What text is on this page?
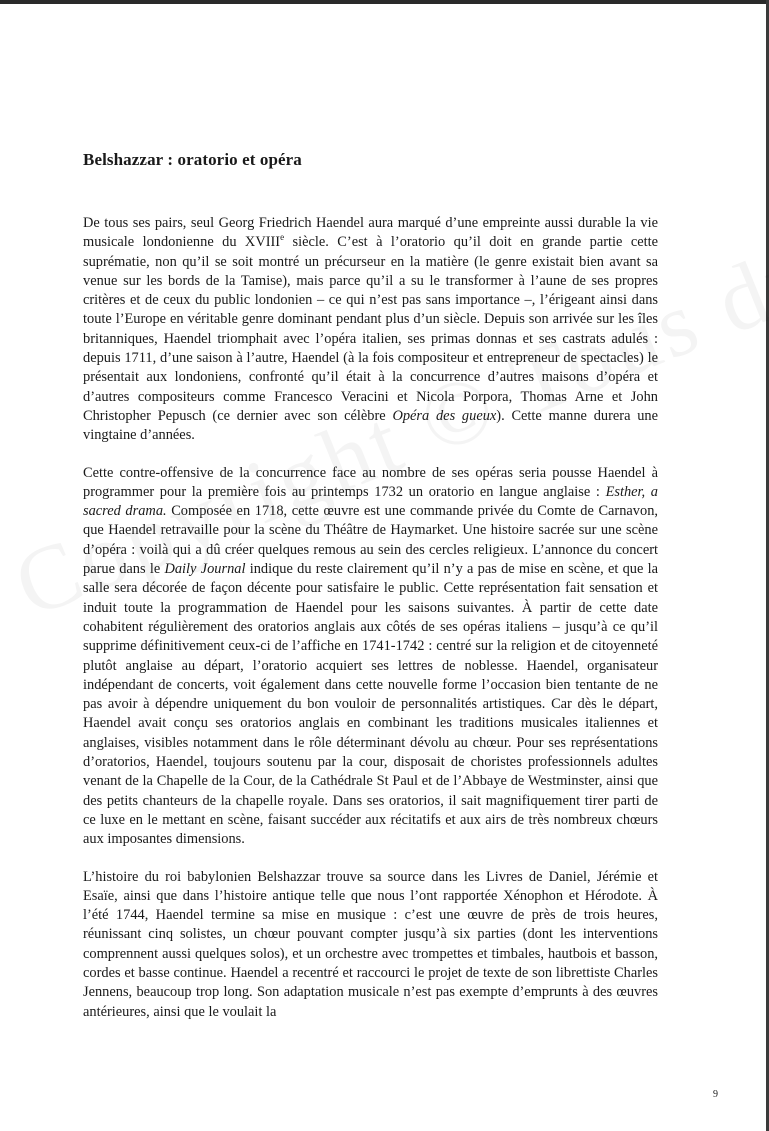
Belshazzar : oratorio et opéra

De tous ses pairs, seul Georg Friedrich Haendel aura marqué d’une empreinte aussi durable la vie musicale londonienne du XVIIIe siècle. C’est à l’oratorio qu’il doit en grande partie cette suprématie, non qu’il se soit montré un précurseur en la matière (le genre existait bien avant sa venue sur les bords de la Tamise), mais parce qu’il a su le transformer à l’aune de ses propres critères et de ceux du public londonien – ce qui n’est pas sans importance –, l’érigeant ainsi dans toute l’Europe en véritable genre dominant pendant plus d’un siècle. Depuis son arrivée sur les îles britanniques, Haendel triomphait avec l’opéra italien, ses primas donnas et ses castrats adulés : depuis 1711, d’une saison à l’autre, Haendel (à la fois compositeur et entrepreneur de spectacles) le présentait aux londoniens, confronté qu’il était à la concurrence d’autres maisons d’opéra et d’autres compositeurs comme Francesco Veracini et Nicola Porpora, Thomas Arne et John Christopher Pepusch (ce dernier avec son célèbre Opéra des gueux). Cette manne durera une vingtaine d’années.

Cette contre-offensive de la concurrence face au nombre de ses opéras seria pousse Haendel à programmer pour la première fois au printemps 1732 un oratorio en langue anglaise : Esther, a sacred drama. Composée en 1718, cette œuvre est une commande privée du Comte de Carnavon, que Haendel retravaille pour la scène du Théâtre de Haymarket. Une histoire sacrée sur une scène d’opéra : voilà qui a dû créer quelques remous au sein des cercles religieux. L’annonce du concert parue dans le Daily Journal indique du reste clairement qu’il n’y a pas de mise en scène, et que la salle sera décorée de façon décente pour satisfaire le public. Cette représentation fait sensation et induit toute la programmation de Haendel pour les saisons suivantes. À partir de cette date cohabitent régulièrement des oratorios anglais aux côtés de ses opéras italiens – jusqu’à ce qu’il supprime définitivement ceux-ci de l’affiche en 1741-1742 : centré sur la religion et de citoyenneté plutôt anglaise au départ, l’oratorio acquiert ses lettres de noblesse. Haendel, organisateur indépendant de concerts, voit également dans cette nouvelle forme l’occasion bien tentante de ne pas avoir à dépendre uniquement du bon vouloir de personnalités artistiques. Car dès le départ, Haendel avait conçu ses oratorios anglais en combinant les traditions musicales italiennes et anglaises, visibles notamment dans le rôle déterminant dévolu au chœur. Pour ses représentations d’oratorios, Haendel, toujours soutenu par la cour, disposait de choristes professionnels adultes venant de la Chapelle de la Cour, de la Cathédrale St Paul et de l’Abbaye de Westminster, ainsi que des petits chanteurs de la chapelle royale. Dans ses oratorios, il sait magnifiquement tirer parti de ce luxe en le mettant en scène, faisant succéder aux récitatifs et aux airs de très nombreux chœurs aux imposantes dimensions.

L’histoire du roi babylonien Belshazzar trouve sa source dans les Livres de Daniel, Jérémie et Esaïe, ainsi que dans l’histoire antique telle que nous l’ont rapportée Xénophon et Hérodote. À l’été 1744, Haendel termine sa mise en musique : c’est une œuvre de près de trois heures, réunissant cinq solistes, un chœur pouvant compter jusqu’à six parties (dont les interventions comprennent aussi quelques solos), et un orchestre avec trompettes et timbales, hautbois et basson, cordes et basse continue. Haendel a recentré et raccourci le projet de texte de son librettiste Charles Jennens, beaucoup trop long. Son adaptation musicale n’est pas exempte d’emprunts à des œuvres antérieures, ainsi que le voulait la

9
